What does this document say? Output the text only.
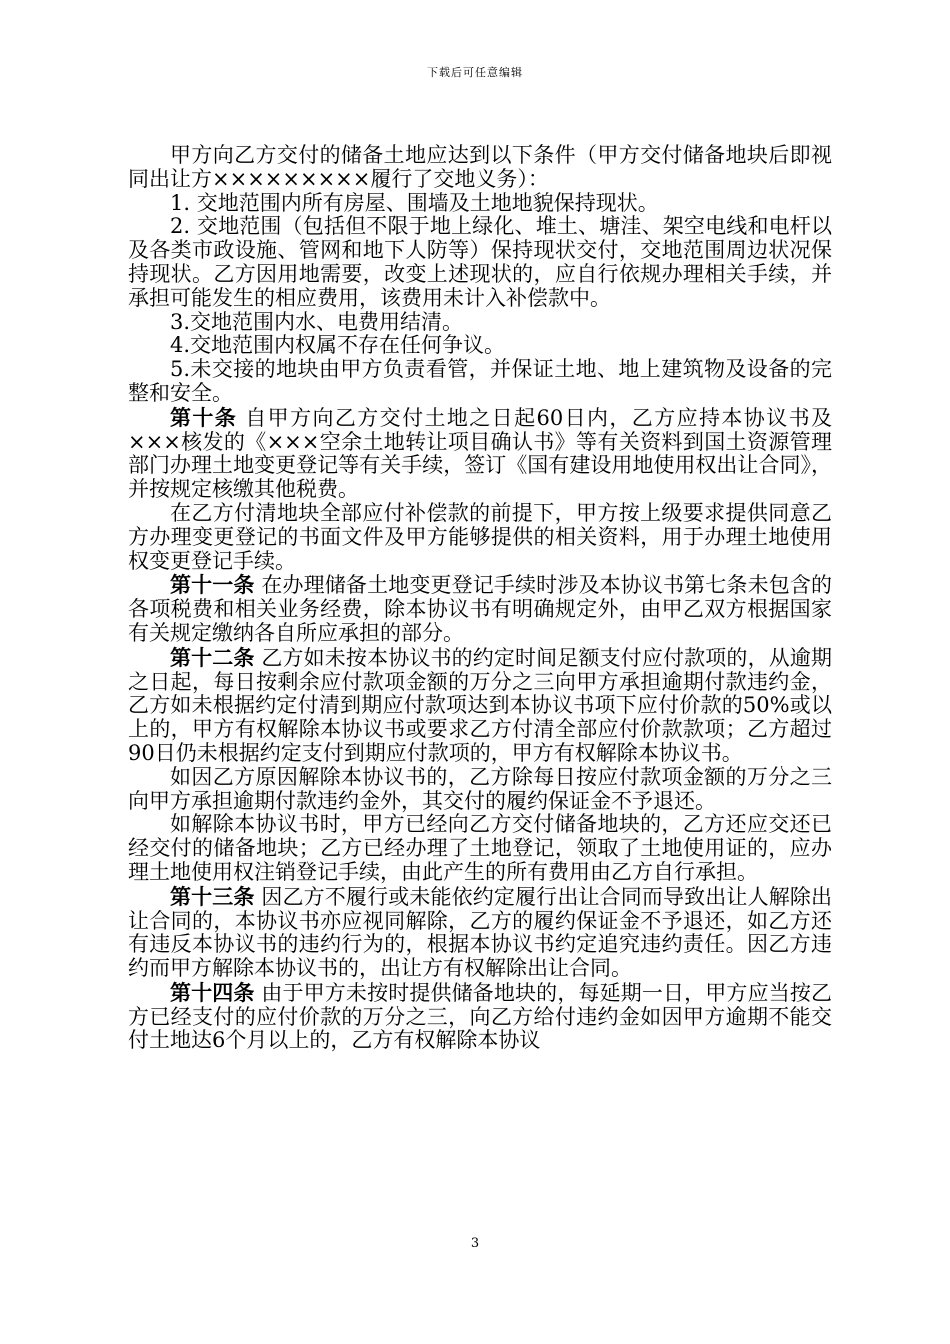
下载后可任意编辑

甲方向乙方交付的储备土地应达到以下条件（甲方交付储备地块后即视同出让方×××××××××履行了交地义务）：

1. 交地范围内所有房屋、围墙及土地地貌保持现状。

2. 交地范围（包括但不限于地上绿化、堆土、塘洼、架空电线和电杆以及各类市政设施、管网和地下人防等）保持现状交付，交地范围周边状况保持现状。乙方因用地需要，改变上述现状的，应自行依规办理相关手续，并承担可能发生的相应费用，该费用未计入补偿款中。

3.交地范围内水、电费用结清。

4.交地范围内权属不存在任何争议。

5.未交接的地块由甲方负责看管，并保证土地、地上建筑物及设备的完整和安全。

第十条 自甲方向乙方交付土地之日起60日内，乙方应持本协议书及×××核发的《×××空余土地转让项目确认书》等有关资料到国土资源管理部门办理土地变更登记等有关手续，签订《国有建设用地使用权出让合同》，并按规定核缴其他税费。

在乙方付清地块全部应付补偿款的前提下，甲方按上级要求提供同意乙方办理变更登记的书面文件及甲方能够提供的相关资料，用于办理土地使用权变更登记手续。

第十一条 在办理储备土地变更登记手续时涉及本协议书第七条未包含的各项税费和相关业务经费，除本协议书有明确规定外，由甲乙双方根据国家有关规定缴纳各自所应承担的部分。

第十二条 乙方如未按本协议书的约定时间足额支付应付款项的，从逾期之日起，每日按剩余应付款项金额的万分之三向甲方承担逾期付款违约金，乙方如未根据约定付清到期应付款项达到本协议书项下应付价款的50%或以上的，甲方有权解除本协议书或要求乙方付清全部应付价款款项；乙方超过90日仍未根据约定支付到期应付款项的，甲方有权解除本协议书。

如因乙方原因解除本协议书的，乙方除每日按应付款项金额的万分之三向甲方承担逾期付款违约金外，其交付的履约保证金不予退还。

如解除本协议书时，甲方已经向乙方交付储备地块的，乙方还应交还已经交付的储备地块；乙方已经办理了土地登记，领取了土地使用证的，应办理土地使用权注销登记手续，由此产生的所有费用由乙方自行承担。

第十三条 因乙方不履行或未能依约定履行出让合同而导致出让人解除出让合同的，本协议书亦应视同解除，乙方的履约保证金不予退还，如乙方还有违反本协议书的违约行为的，根据本协议书约定追究违约责任。因乙方违约而甲方解除本协议书的，出让方有权解除出让合同。

第十四条 由于甲方未按时提供储备地块的，每延期一日，甲方应当按乙方已经支付的应付价款的万分之三，向乙方给付违约金如因甲方逾期不能交付土地达6个月以上的，乙方有权解除本协议

3
